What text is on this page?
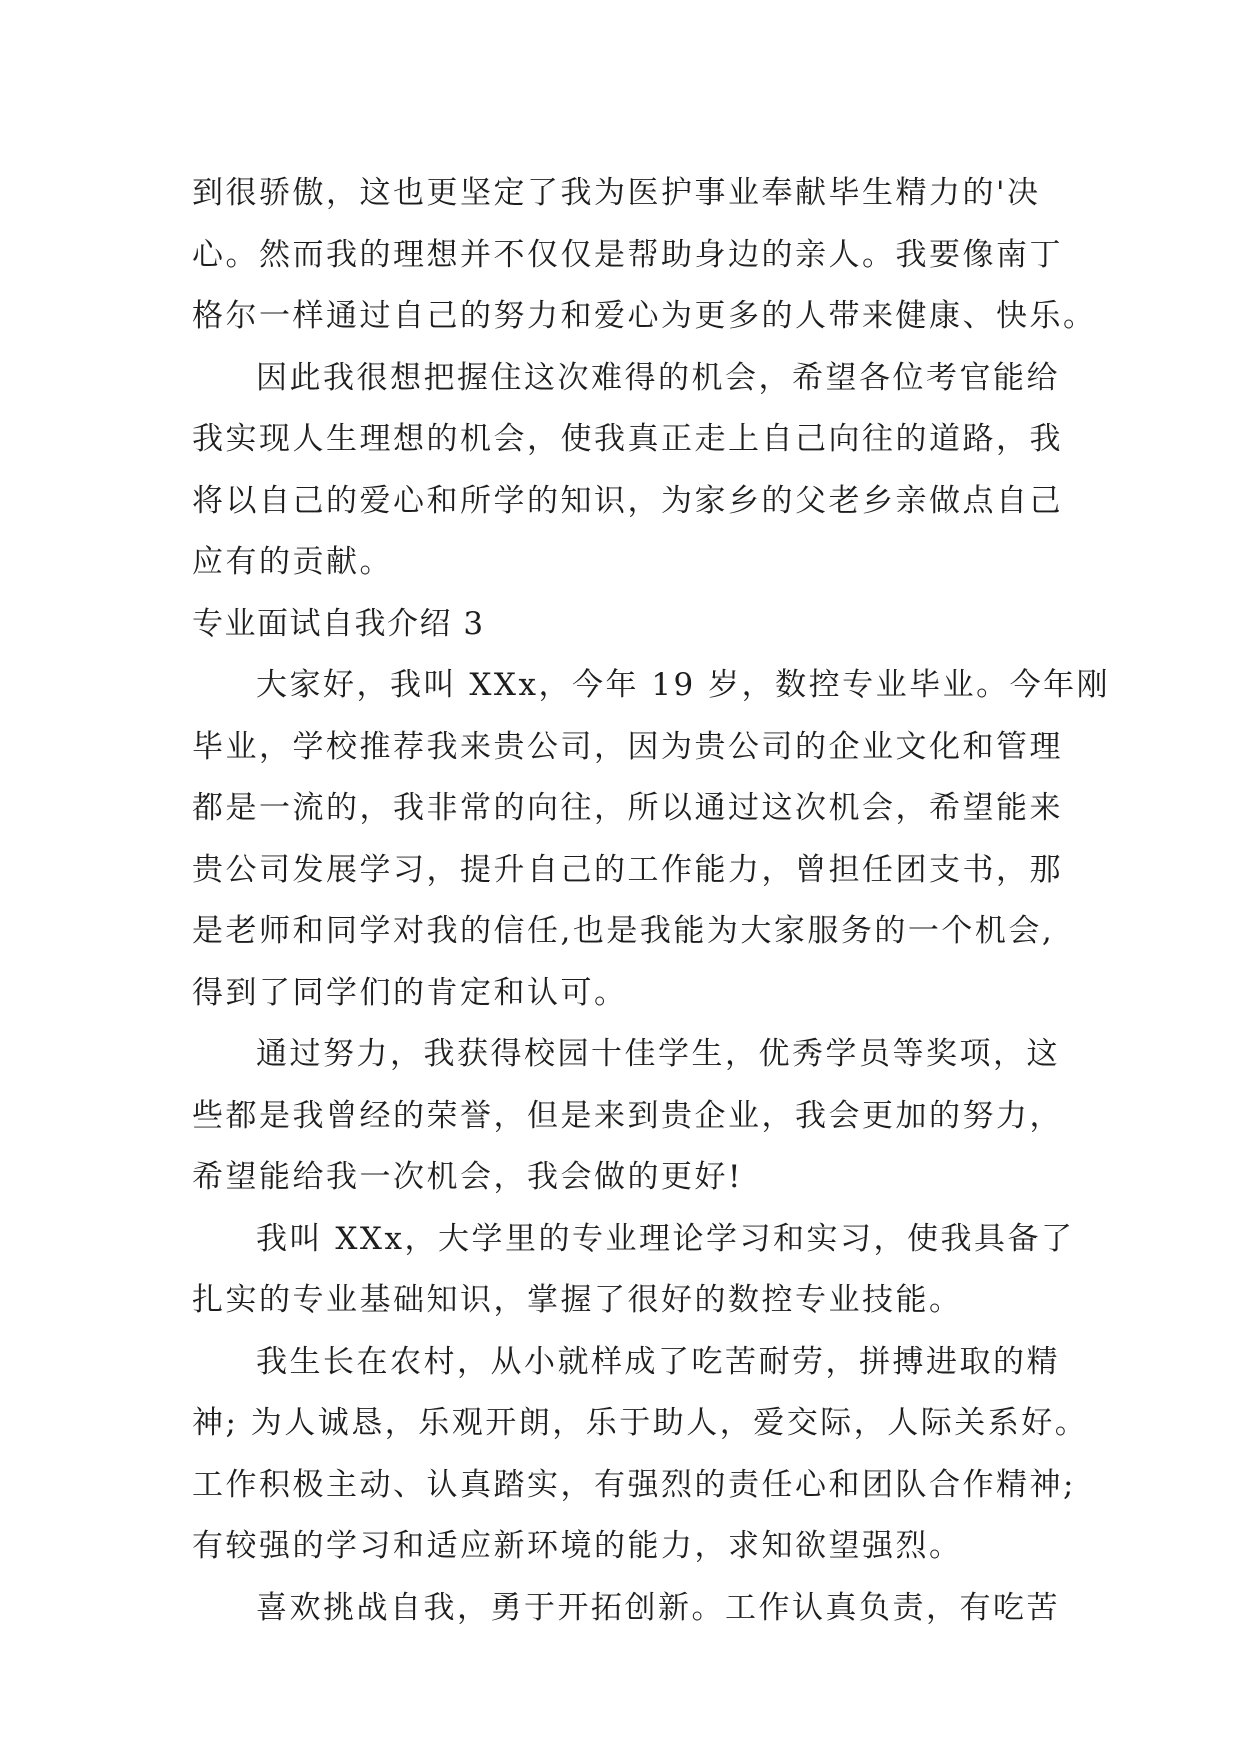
到很骄傲，这也更坚定了我为医护事业奉献毕生精力的'决
心。然而我的理想并不仅仅是帮助身边的亲人。我要像南丁
格尔一样通过自己的努力和爱心为更多的人带来健康、快乐。
因此我很想把握住这次难得的机会，希望各位考官能给
我实现人生理想的机会，使我真正走上自己向往的道路，我
将以自己的爱心和所学的知识，为家乡的父老乡亲做点自己
应有的贡献。
专业面试自我介绍 3
大家好，我叫 XXx，今年 19 岁，数控专业毕业。今年刚
毕业，学校推荐我来贵公司，因为贵公司的企业文化和管理
都是一流的，我非常的向往，所以通过这次机会，希望能来
贵公司发展学习，提升自己的工作能力，曾担任团支书，那
是老师和同学对我的信任,也是我能为大家服务的一个机会,
得到了同学们的肯定和认可。
通过努力，我获得校园十佳学生，优秀学员等奖项，这
些都是我曾经的荣誉，但是来到贵企业，我会更加的努力，
希望能给我一次机会，我会做的更好!
我叫 XXx，大学里的专业理论学习和实习，使我具备了
扎实的专业基础知识，掌握了很好的数控专业技能。
我生长在农村，从小就样成了吃苦耐劳，拼搏进取的精
神; 为人诚恳，乐观开朗，乐于助人，爱交际，人际关系好。
工作积极主动、认真踏实，有强烈的责任心和团队合作精神;
有较强的学习和适应新环境的能力，求知欲望强烈。
喜欢挑战自我，勇于开拓创新。工作认真负责，有吃苦
